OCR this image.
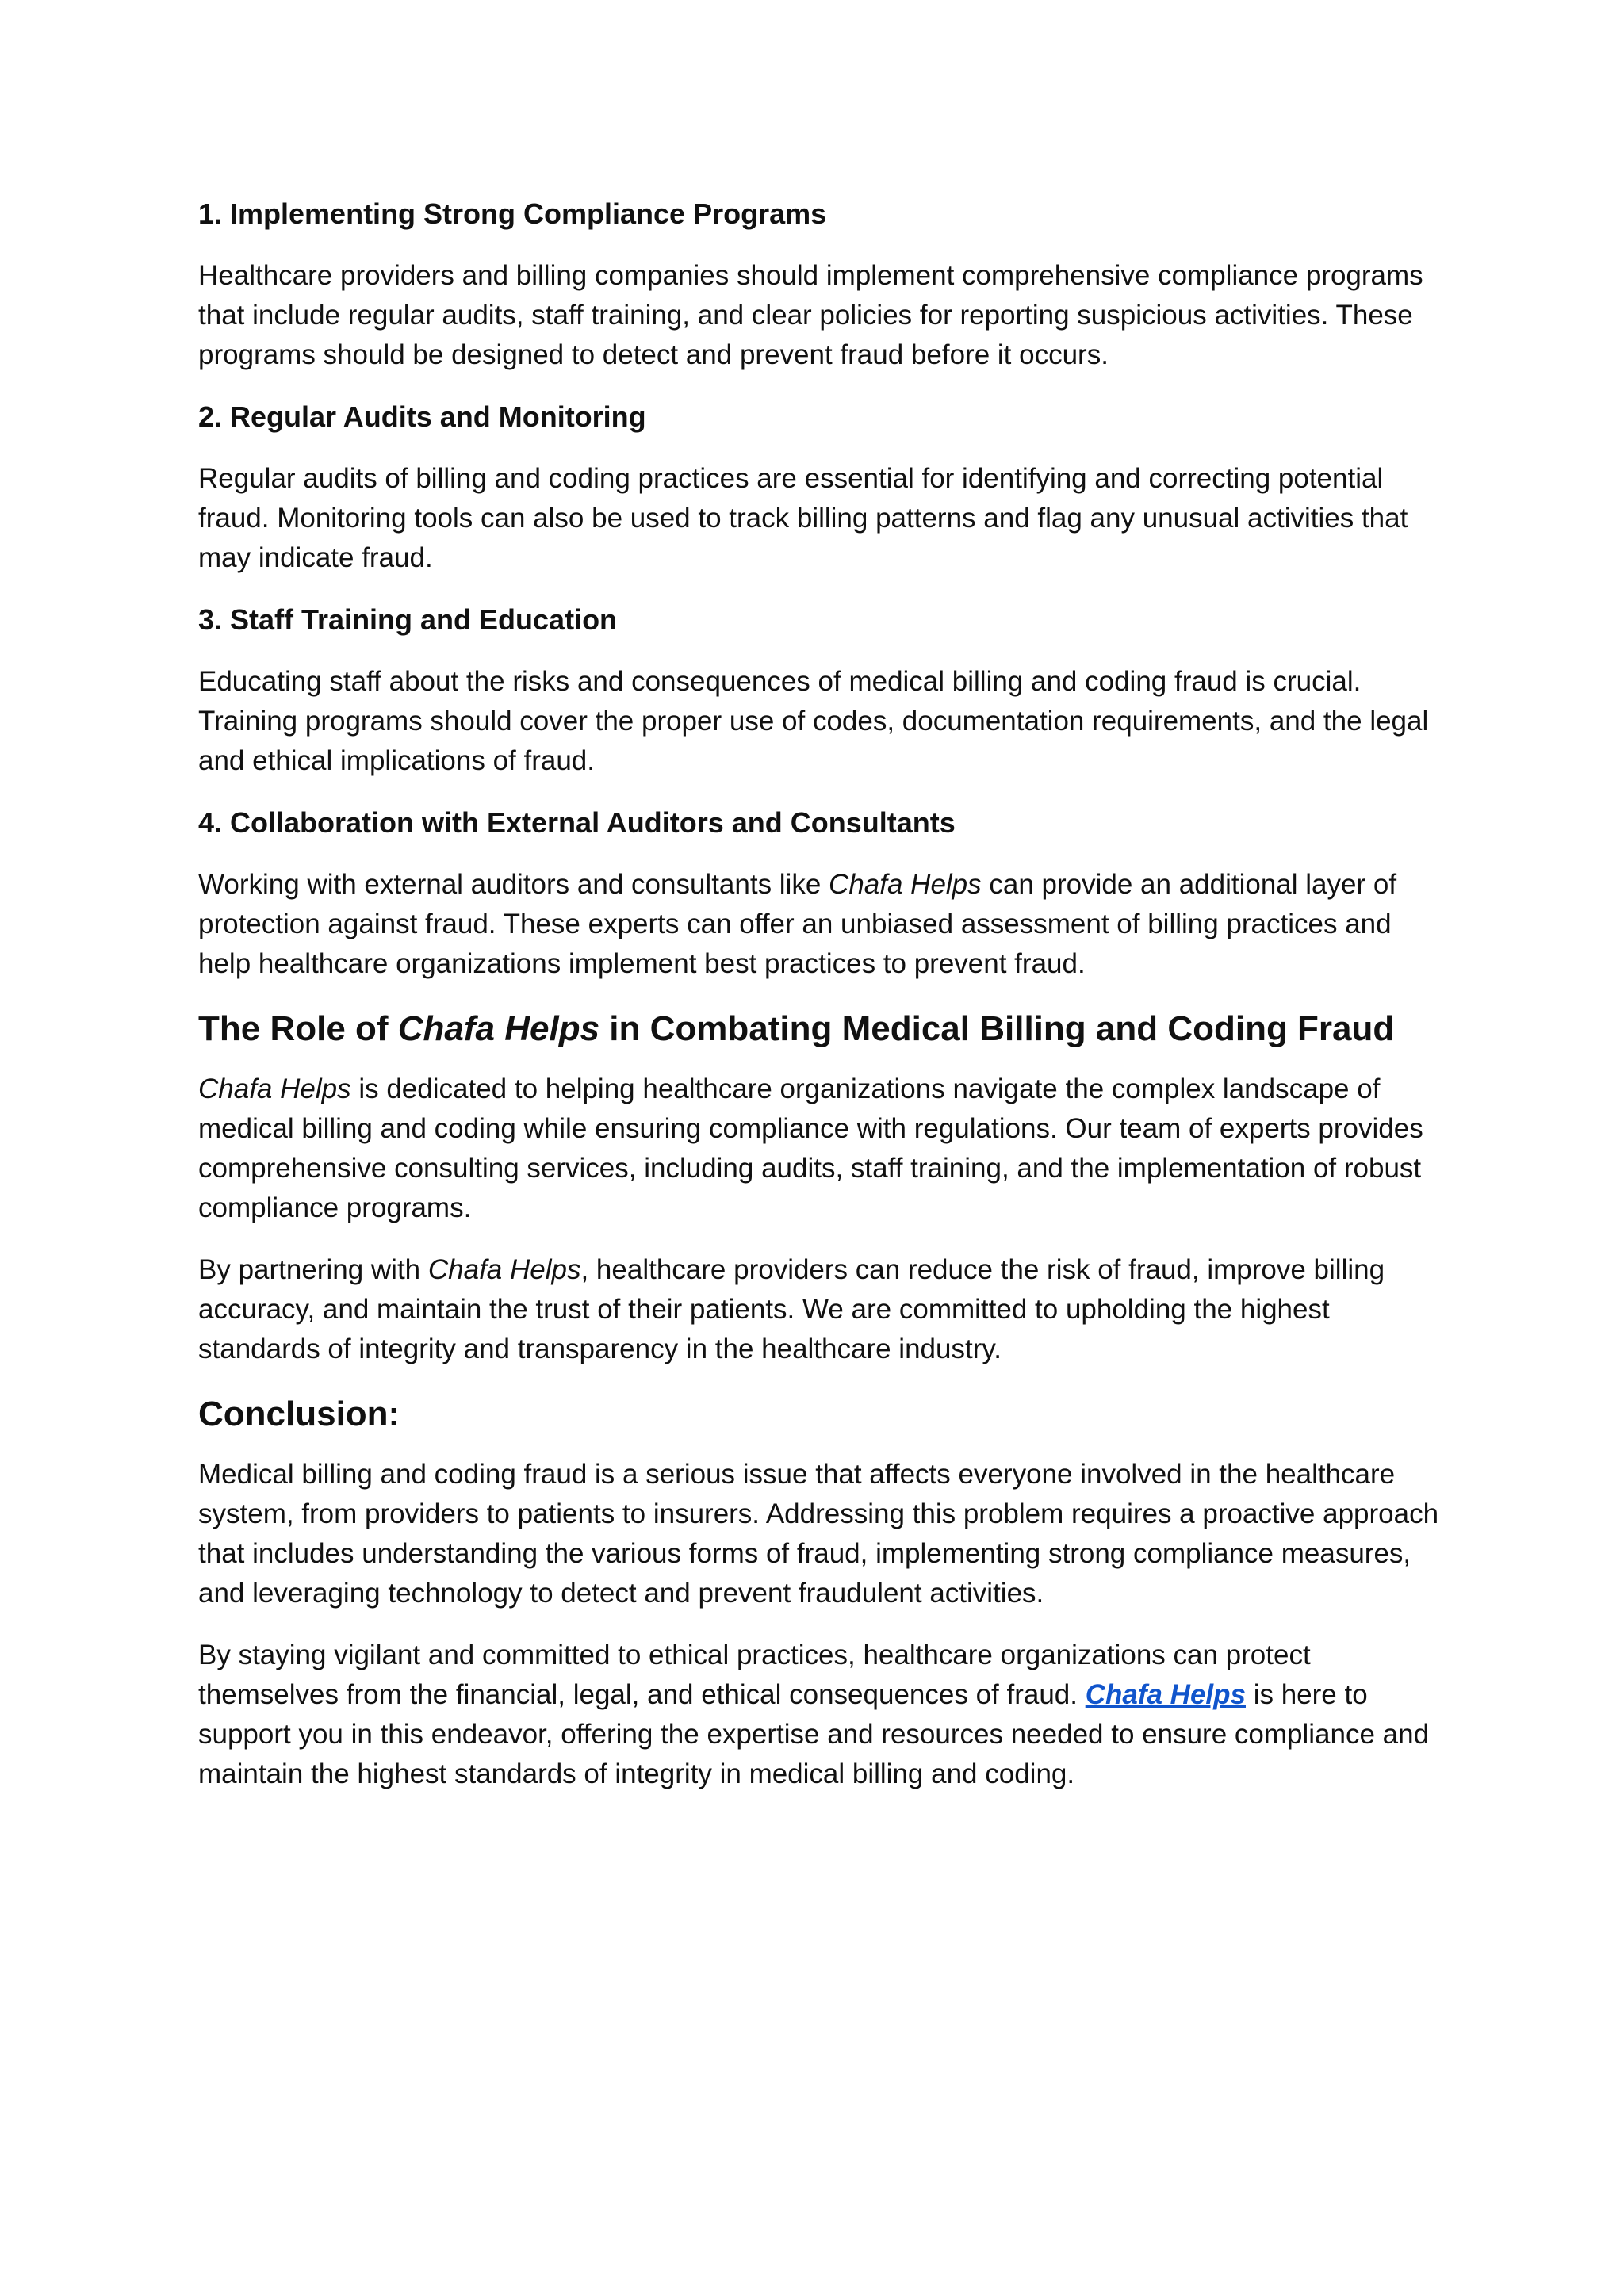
1. Implementing Strong Compliance Programs

Healthcare providers and billing companies should implement comprehensive compliance programs that include regular audits, staff training, and clear policies for reporting suspicious activities. These programs should be designed to detect and prevent fraud before it occurs.

2. Regular Audits and Monitoring

Regular audits of billing and coding practices are essential for identifying and correcting potential fraud. Monitoring tools can also be used to track billing patterns and flag any unusual activities that may indicate fraud.

3. Staff Training and Education

Educating staff about the risks and consequences of medical billing and coding fraud is crucial. Training programs should cover the proper use of codes, documentation requirements, and the legal and ethical implications of fraud.

4. Collaboration with External Auditors and Consultants

Working with external auditors and consultants like Chafa Helps can provide an additional layer of protection against fraud. These experts can offer an unbiased assessment of billing practices and help healthcare organizations implement best practices to prevent fraud.

The Role of Chafa Helps in Combating Medical Billing and Coding Fraud

Chafa Helps is dedicated to helping healthcare organizations navigate the complex landscape of medical billing and coding while ensuring compliance with regulations. Our team of experts provides comprehensive consulting services, including audits, staff training, and the implementation of robust compliance programs.

By partnering with Chafa Helps, healthcare providers can reduce the risk of fraud, improve billing accuracy, and maintain the trust of their patients. We are committed to upholding the highest standards of integrity and transparency in the healthcare industry.

Conclusion:

Medical billing and coding fraud is a serious issue that affects everyone involved in the healthcare system, from providers to patients to insurers. Addressing this problem requires a proactive approach that includes understanding the various forms of fraud, implementing strong compliance measures, and leveraging technology to detect and prevent fraudulent activities.

By staying vigilant and committed to ethical practices, healthcare organizations can protect themselves from the financial, legal, and ethical consequences of fraud. Chafa Helps is here to support you in this endeavor, offering the expertise and resources needed to ensure compliance and maintain the highest standards of integrity in medical billing and coding.
